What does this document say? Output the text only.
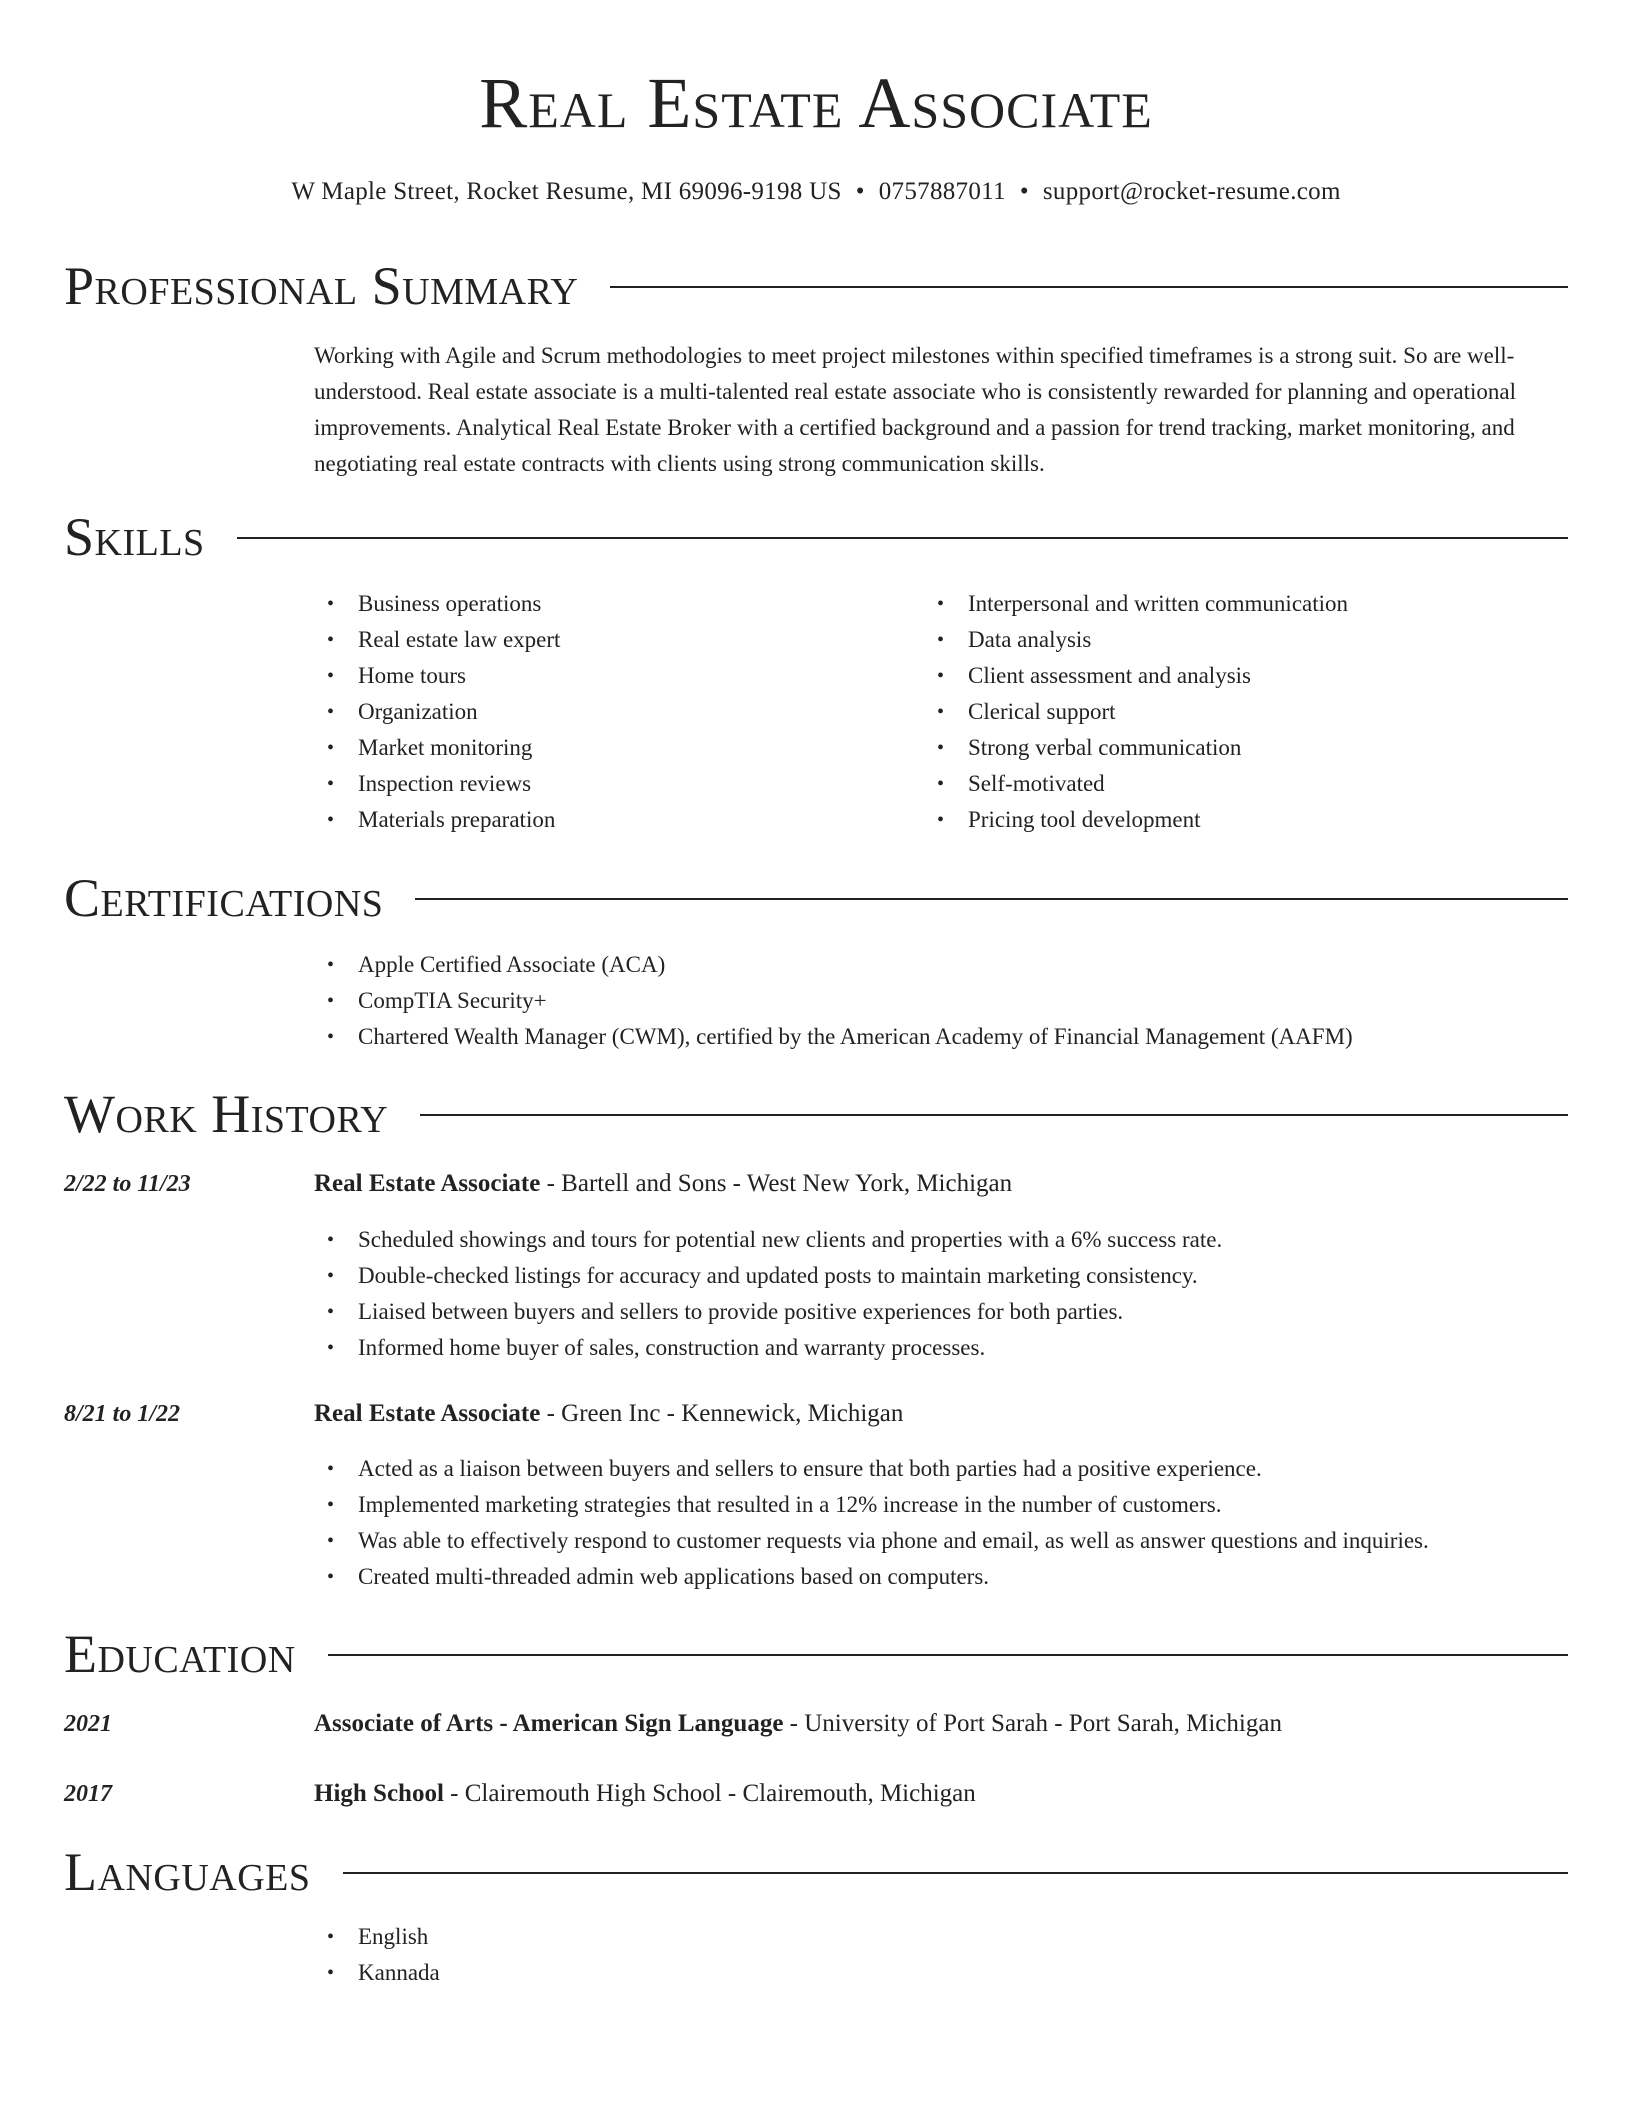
Real Estate Associate
W Maple Street, Rocket Resume, MI 69096-9198 US • 0757887011 • support@rocket-resume.com
Professional Summary

Working with Agile and Scrum methodologies to meet project milestones within specified timeframes is a strong suit. So are well-understood. Real estate associate is a multi-talented real estate associate who is consistently rewarded for planning and operational improvements. Analytical Real Estate Broker with a certified background and a passion for trend tracking, market monitoring, and negotiating real estate contracts with clients using strong communication skills.

Skills
• Business operations
• Real estate law expert
• Home tours
• Organization
• Market monitoring
• Inspection reviews
• Materials preparation
• Interpersonal and written communication
• Data analysis
• Client assessment and analysis
• Clerical support
• Strong verbal communication
• Self-motivated
• Pricing tool development
Certifications
• Apple Certified Associate (ACA)
• CompTIA Security+
• Chartered Wealth Manager (CWM), certified by the American Academy of Financial Management (AAFM)
Work History
2/22 to 11/23	Real Estate Associate - Bartell and Sons - West New York, Michigan
• Scheduled showings and tours for potential new clients and properties with a 6% success rate.
• Double-checked listings for accuracy and updated posts to maintain marketing consistency.
• Liaised between buyers and sellers to provide positive experiences for both parties.
• Informed home buyer of sales, construction and warranty processes.
8/21 to 1/22	Real Estate Associate - Green Inc - Kennewick, Michigan
• Acted as a liaison between buyers and sellers to ensure that both parties had a positive experience.
• Implemented marketing strategies that resulted in a 12% increase in the number of customers.
• Was able to effectively respond to customer requests via phone and email, as well as answer questions and inquiries.
• Created multi-threaded admin web applications based on computers.
Education
2021	Associate of Arts - American Sign Language - University of Port Sarah - Port Sarah, Michigan
2017	High School - Clairemouth High School - Clairemouth, Michigan
Languages
• English
• Kannada
